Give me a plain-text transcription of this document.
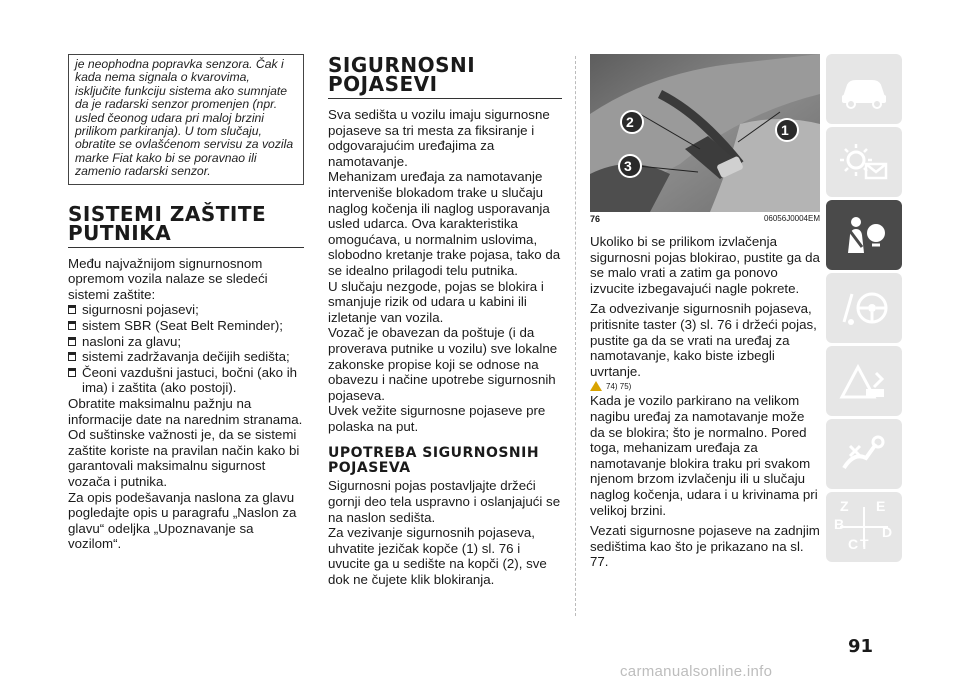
je neophodna popravka senzora. Čak i kada nema signala o kvarovima, isključite funkciju sistema ako sumnjate da je radarski senzor promenjen (npr. usled čeonog udara pri maloj brzini prilikom parkiranja). U tom slučaju, obratite se ovlašćenom servisu za vozila marke Fiat kako bi se poravnao ili zamenio radarski senzor.
SISTEMI ZAŠTITE PUTNIKA

Među najvažnijom signurnosnom opremom vozila nalaze se sledeći sistemi zaštite:

sigurnosni pojasevi;
sistem SBR (Seat Belt Reminder);
nasloni za glavu;
sistemi zadržavanja dečijih sedišta;
Čeoni vazdušni jastuci, bočni (ako ih ima) i zaštita (ako postoji).

Obratite maksimalnu pažnju na informacije date na narednim stranama. Od suštinske važnosti je, da se sistemi zaštite koriste na pravilan način kako bi garantovali maksimalnu sigurnost vozača i putnika.

Za opis podešavanja naslona za glavu pogledajte opis u paragrafu „Naslon za glavu“ odeljka „Upoznavanje sa vozilom“.

SIGURNOSNI POJASEVI

Sva sedišta u vozilu imaju sigurnosne pojaseve sa tri mesta za fiksiranje i odgovarajućim uređajima za namotavanje.

Mehanizam uređaja za namotavanje interveniše blokadom trake u slučaju naglog kočenja ili naglog usporavanja usled udarca. Ova karakteristika omogućava, u normalnim uslovima, slobodno kretanje trake pojasa, tako da se idealno prilagodi telu putnika.

U slučaju nezgode, pojas se blokira i smanjuje rizik od udara u kabini ili izletanje van vozila.

Vozač je obavezan da poštuje (i da proverava putnike u vozilu) sve lokalne zakonske propise koji se odnose na obavezu i načine upotrebe sigurnosnih pojaseva.

Uvek vežite sigurnosne pojaseve pre polaska na put.

UPOTREBA SIGURNOSNIH POJASEVA

Sigurnosni pojas postavljajte držeći gornji deo tela uspravno i oslanjajući se na naslon sedišta.

Za vezivanje sigurnosnih pojaseva, uhvatite jezičak kopče (1) sl. 76 i uvucite ga u sedište na kopči (2), sve dok ne čujete klik blokiranja.

1
2
3
76	06056J0004EM

Ukoliko bi se prilikom izvlačenja sigurnosni pojas blokirao, pustite ga da se malo vrati a zatim ga ponovo izvucite izbegavajući nagle pokrete.

Za odvezivanje sigurnosnih pojaseva, pritisnite taster (3) sl. 76 i držeći pojas, pustite ga da se vrati na uređaj za namotavanje, kako biste izbegli uvrtanje.

74) 75)

Kada je vozilo parkirano na velikom nagibu uređaj za namotavanje može da se blokira; što je normalno. Pored toga, mehanizam uređaja za namotavanje blokira traku pri svakom njenom brzom izvlačenju ili u slučaju naglog kočenja, udara i u krivinama pri velikoj brzini.

Vezati sigurnosne pojaseve na zadnjim sedištima kao što je prikazano na sl. 77.

Z E
B
C T
D
91
carmanualsonline.info
